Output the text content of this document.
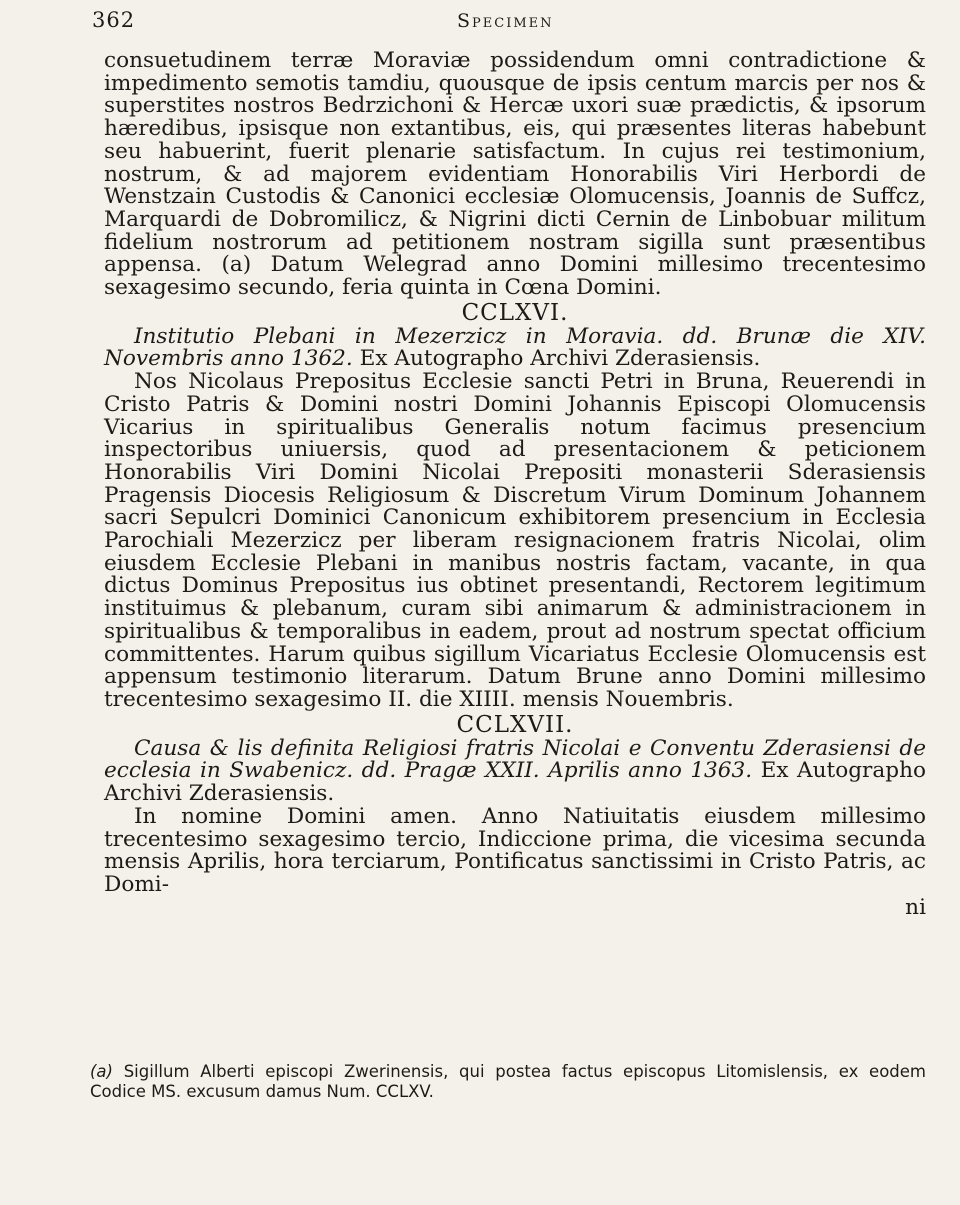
362	Specimen

consuetudinem terræ Moraviæ possidendum omni contradictione & impedimento semotis tamdiu, quousque de ipsis centum marcis per nos & superstites nostros Bedrzichoni & Hercæ uxori suæ prædictis, & ipsorum hæredibus, ipsisque non extantibus, eis, qui præsentes literas habebunt seu habuerint, fuerit plenarie satisfactum. In cujus rei testimonium, nostrum, & ad majorem evidentiam Honorabilis Viri Herbordi de Wenstzain Custodis & Canonici ecclesiæ Olomucensis, Joannis de Suffcz, Marquardi de Dobromilicz, & Nigrini dicti Cernin de Linbobuar militum fidelium nostrorum ad petitionem nostram sigilla sunt præsentibus appensa. (a) Datum Welegrad anno Domini millesimo trecentesimo sexagesimo secundo, feria quinta in Cœna Domini.

CCLXVI.

Institutio Plebani in Mezerzicz in Moravia. dd. Brunæ die XIV. Novembris anno 1362. Ex Autographo Archivi Zderasiensis.

Nos Nicolaus Prepositus Ecclesie sancti Petri in Bruna, Reuerendi in Cristo Patris & Domini nostri Domini Johannis Episcopi Olomucensis Vicarius in spiritualibus Generalis notum facimus presencium inspectoribus uniuersis, quod ad presentacionem & peticionem Honorabilis Viri Domini Nicolai Prepositi monasterii Sderasiensis Pragensis Diocesis Religiosum & Discretum Virum Dominum Johannem sacri Sepulcri Dominici Canonicum exhibitorem presencium in Ecclesia Parochiali Mezerzicz per liberam resignacionem fratris Nicolai, olim eiusdem Ecclesie Plebani in manibus nostris factam, vacante, in qua dictus Dominus Prepositus ius obtinet presentandi, Rectorem legitimum instituimus & plebanum, curam sibi animarum & administracionem in spiritualibus & temporalibus in eadem, prout ad nostrum spectat officium committentes. Harum quibus sigillum Vicariatus Ecclesie Olomucensis est appensum testimonio literarum. Datum Brune anno Domini millesimo trecentesimo sexagesimo II. die XIIII. mensis Nouembris.

CCLXVII.

Causa & lis definita Religiosi fratris Nicolai e Conventu Zderasiensi de ecclesia in Swabenicz. dd. Pragæ XXII. Aprilis anno 1363. Ex Autographo Archivi Zderasiensis.

In nomine Domini amen. Anno Natiuitatis eiusdem millesimo trecentesimo sexagesimo tercio, Indiccione prima, die vicesima secunda mensis Aprilis, hora terciarum, Pontificatus sanctissimi in Cristo Patris, ac Domi-

ni

(a) Sigillum Alberti episcopi Zwerinensis, qui postea factus episcopus Litomislensis, ex eodem Codice MS. excusum damus Num. CCLXV.
